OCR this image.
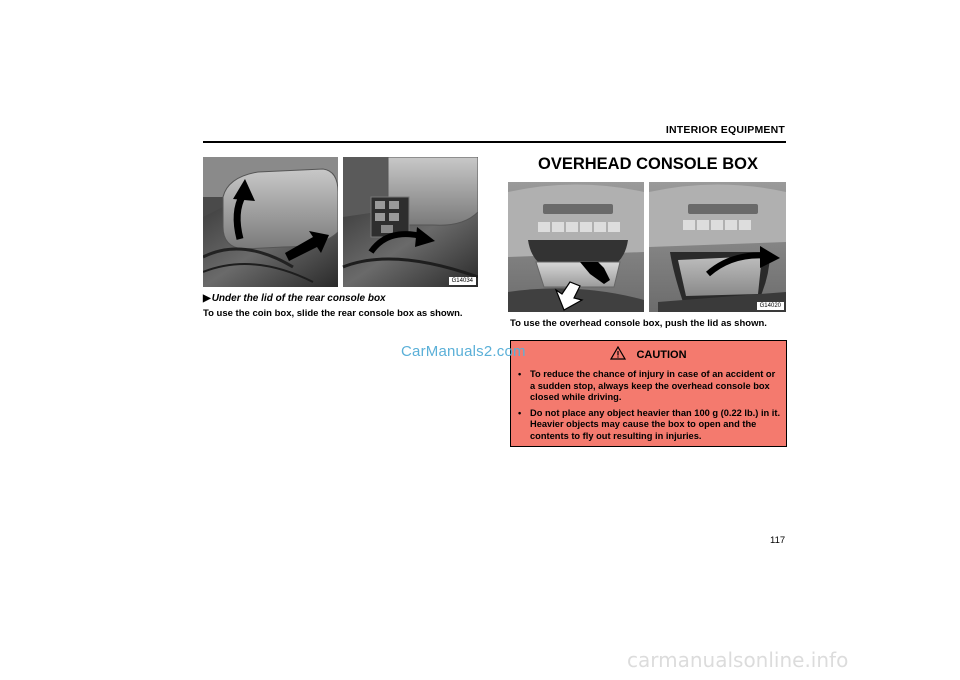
INTERIOR EQUIPMENT
G14034
▶Under the lid of the rear console box
To use the coin box, slide the rear console box as shown.
OVERHEAD CONSOLE BOX
G14020
To use the overhead console box, push the lid as shown.
CAUTION
• To reduce the chance of injury in case of an accident or a sudden stop, always keep the overhead console box closed while driving.
• Do not place any object heavier than 100 g (0.22 lb.) in it. Heavier objects may cause the box to open and the contents to fly out resulting in injuries.
CarManuals2.com
117
carmanualsonline.info
